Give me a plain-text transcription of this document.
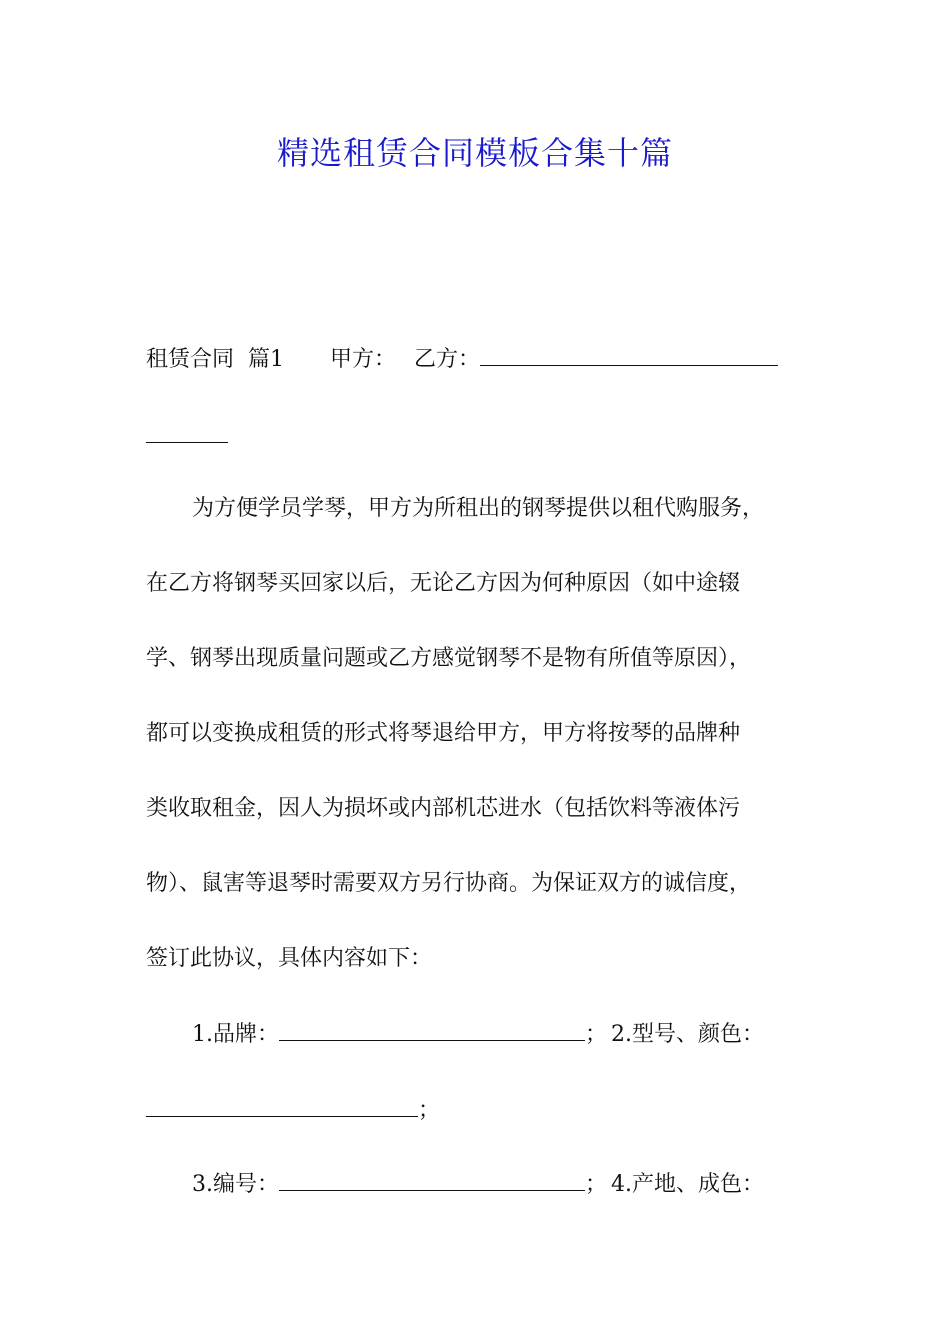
精选租赁合同模板合集十篇
租赁合同 篇1 甲方： 乙方：
为方便学员学琴，甲方为所租出的钢琴提供以租代购服务，
在乙方将钢琴买回家以后，无论乙方因为何种原因（如中途辍
学、钢琴出现质量问题或乙方感觉钢琴不是物有所值等原因），
都可以变换成租赁的形式将琴退给甲方，甲方将按琴的品牌种
类收取租金，因人为损坏或内部机芯进水（包括饮料等液体污
物）、鼠害等退琴时需要双方另行协商。为保证双方的诚信度，
签订此协议，具体内容如下：
1.品牌：	； 2.型号、颜色：
；
3.编号：	； 4.产地、成色：
